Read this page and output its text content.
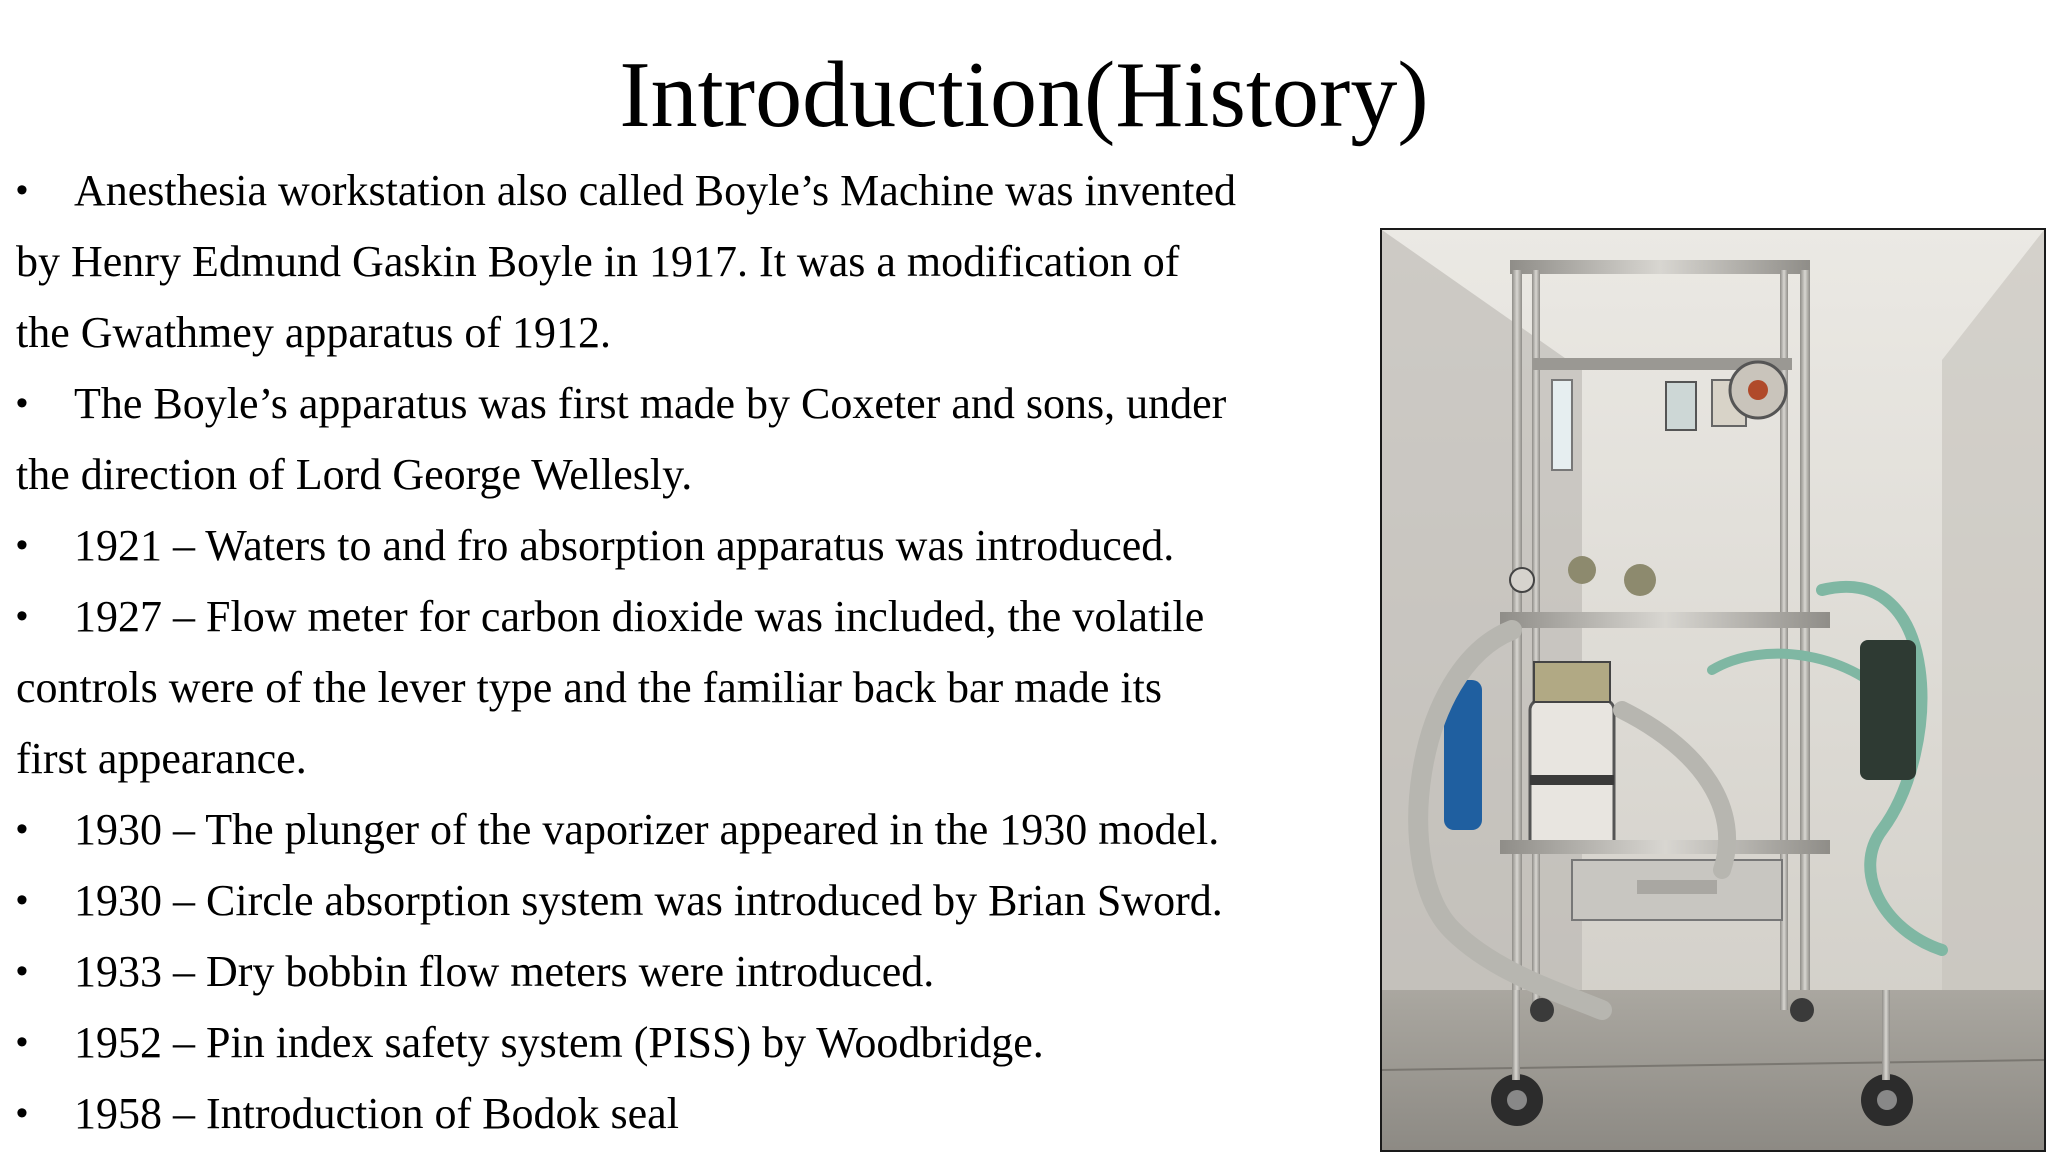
Introduction(History)
• Anesthesia workstation also called Boyle’s Machine was invented
by Henry Edmund Gaskin Boyle in 1917. It was a modification of
the Gwathmey apparatus of 1912.
• The Boyle’s apparatus was first made by Coxeter and sons, under
the direction of Lord George Wellesly.
• 1921 – Waters to and fro absorption apparatus was introduced.
• 1927 – Flow meter for carbon dioxide was included, the volatile
controls were of the lever type and the familiar back bar made its
first appearance.
• 1930 – The plunger of the vaporizer appeared in the 1930 model.
• 1930 – Circle absorption system was introduced by Brian Sword.
• 1933 – Dry bobbin flow meters were introduced.
• 1952 – Pin index safety system (PISS) by Woodbridge.
• 1958 – Introduction of Bodok seal
